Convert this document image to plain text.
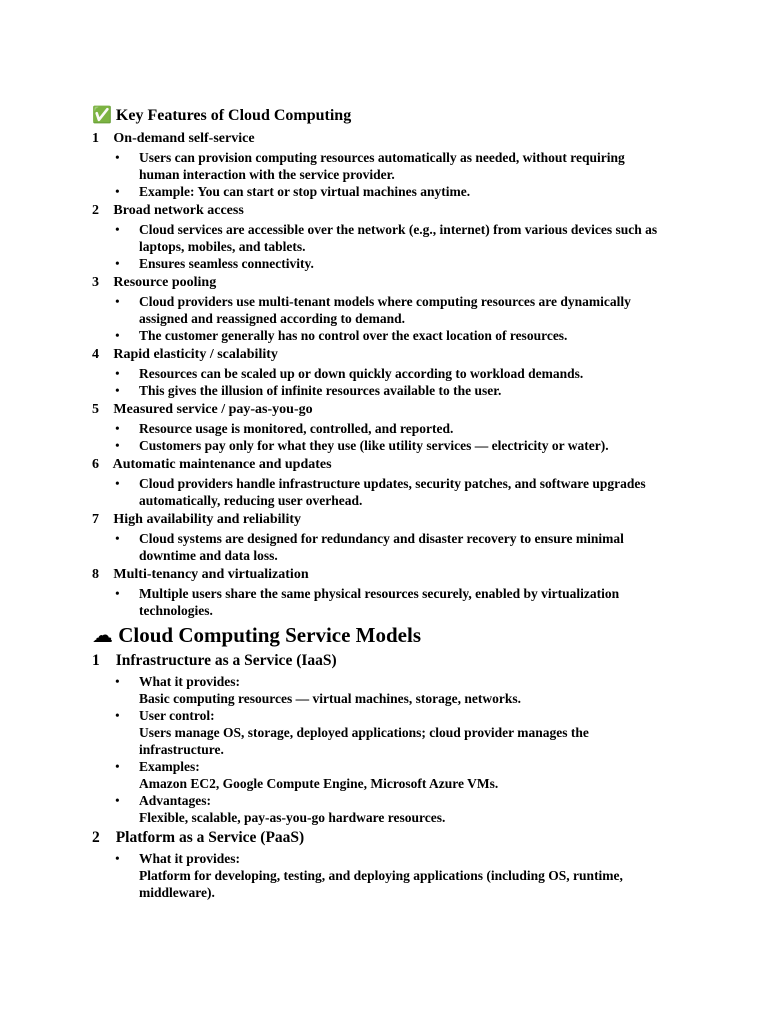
✅ Key Features of Cloud Computing
1⃣ On-demand self-service
• Users can provision computing resources automatically as needed, without requiring human interaction with the service provider.
• Example: You can start or stop virtual machines anytime.
2⃣ Broad network access
• Cloud services are accessible over the network (e.g., internet) from various devices such as laptops, mobiles, and tablets.
• Ensures seamless connectivity.
3⃣ Resource pooling
• Cloud providers use multi-tenant models where computing resources are dynamically assigned and reassigned according to demand.
• The customer generally has no control over the exact location of resources.
4⃣ Rapid elasticity / scalability
• Resources can be scaled up or down quickly according to workload demands.
• This gives the illusion of infinite resources available to the user.
5⃣ Measured service / pay-as-you-go
• Resource usage is monitored, controlled, and reported.
• Customers pay only for what they use (like utility services — electricity or water).
6⃣ Automatic maintenance and updates
• Cloud providers handle infrastructure updates, security patches, and software upgrades automatically, reducing user overhead.
7⃣ High availability and reliability
• Cloud systems are designed for redundancy and disaster recovery to ensure minimal downtime and data loss.
8⃣ Multi-tenancy and virtualization
• Multiple users share the same physical resources securely, enabled by virtualization technologies.
☁ Cloud Computing Service Models
1⃣ Infrastructure as a Service (IaaS)
• What it provides:
Basic computing resources — virtual machines, storage, networks.
• User control:
Users manage OS, storage, deployed applications; cloud provider manages the infrastructure.
• Examples:
Amazon EC2, Google Compute Engine, Microsoft Azure VMs.
• Advantages:
Flexible, scalable, pay-as-you-go hardware resources.
2⃣ Platform as a Service (PaaS)
• What it provides:
Platform for developing, testing, and deploying applications (including OS, runtime, middleware).
